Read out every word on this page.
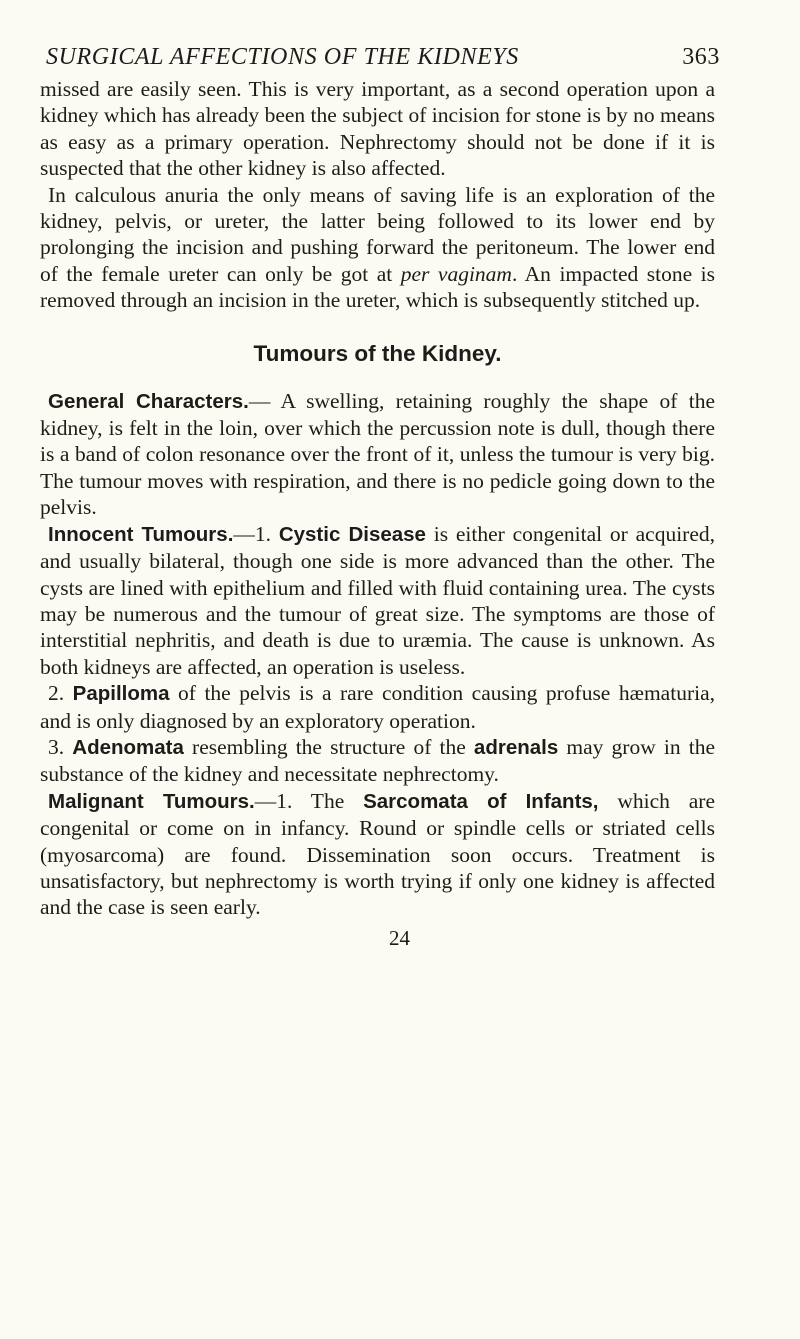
SURGICAL AFFECTIONS OF THE KIDNEYS	363

missed are easily seen. This is very important, as a second operation upon a kidney which has already been the subject of incision for stone is by no means as easy as a primary operation. Nephrectomy should not be done if it is suspected that the other kidney is also affected.

In calculous anuria the only means of saving life is an exploration of the kidney, pelvis, or ureter, the latter being followed to its lower end by prolonging the incision and pushing forward the peritoneum. The lower end of the female ureter can only be got at per vaginam. An impacted stone is removed through an incision in the ureter, which is subsequently stitched up.

Tumours of the Kidney.

General Characters.— A swelling, retaining roughly the shape of the kidney, is felt in the loin, over which the percussion note is dull, though there is a band of colon resonance over the front of it, unless the tumour is very big. The tumour moves with respiration, and there is no pedicle going down to the pelvis.

Innocent Tumours.—1. Cystic Disease is either congenital or acquired, and usually bilateral, though one side is more advanced than the other. The cysts are lined with epithelium and filled with fluid containing urea. The cysts may be numerous and the tumour of great size. The symptoms are those of interstitial nephritis, and death is due to uræmia. The cause is unknown. As both kidneys are affected, an operation is useless.

2. Papilloma of the pelvis is a rare condition causing profuse hæmaturia, and is only diagnosed by an exploratory operation.

3. Adenomata resembling the structure of the adrenals may grow in the substance of the kidney and necessitate nephrectomy.

Malignant Tumours.—1. The Sarcomata of Infants, which are congenital or come on in infancy. Round or spindle cells or striated cells (myosarcoma) are found. Dissemination soon occurs. Treatment is unsatisfactory, but nephrectomy is worth trying if only one kidney is affected and the case is seen early.

24
